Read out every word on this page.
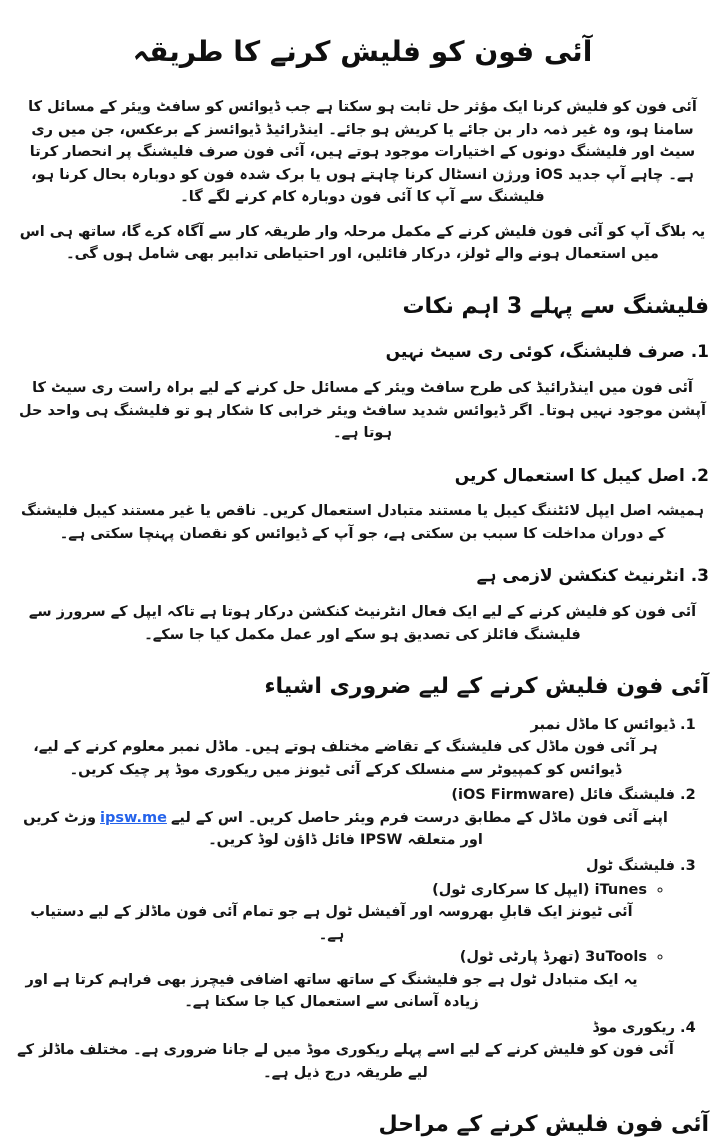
آئی فون کو فلیش کرنے کا طریقہ

آئی فون کو فلیش کرنا ایک مؤثر حل ثابت ہو سکتا ہے جب ڈیوائس کو سافٹ ویئر کے مسائل کا سامنا ہو، وہ غیر ذمہ دار بن جائے یا کریش ہو جائے۔ اینڈرائیڈ ڈیوائسز کے برعکس، جن میں ری سیٹ اور فلیشنگ دونوں کے اختیارات موجود ہوتے ہیں، آئی فون صرف فلیشنگ پر انحصار کرتا ہے۔ چاہے آپ جدید iOS ورژن انسٹال کرنا چاہتے ہوں یا برک شدہ فون کو دوبارہ بحال کرنا ہو، فلیشنگ سے آپ کا آئی فون دوبارہ کام کرنے لگے گا۔

یہ بلاگ آپ کو آئی فون فلیش کرنے کے مکمل مرحلہ وار طریقہ کار سے آگاہ کرے گا، ساتھ ہی اس میں استعمال ہونے والے ٹولز، درکار فائلیں، اور احتیاطی تدابیر بھی شامل ہوں گی۔

فلیشنگ سے پہلے 3 اہم نکات
1. صرف فلیشنگ، کوئی ری سیٹ نہیں

آئی فون میں اینڈرائیڈ کی طرح سافٹ ویئر کے مسائل حل کرنے کے لیے براہ راست ری سیٹ کا آپشن موجود نہیں ہوتا۔ اگر ڈیوائس شدید سافٹ ویئر خرابی کا شکار ہو تو فلیشنگ ہی واحد حل ہوتا ہے۔

2. اصل کیبل کا استعمال کریں

ہمیشہ اصل ایپل لائٹننگ کیبل یا مستند متبادل استعمال کریں۔ ناقص یا غیر مستند کیبل فلیشنگ کے دوران مداخلت کا سبب بن سکتی ہے، جو آپ کے ڈیوائس کو نقصان پہنچا سکتی ہے۔

3. انٹرنیٹ کنکشن لازمی ہے

آئی فون کو فلیش کرنے کے لیے ایک فعال انٹرنیٹ کنکشن درکار ہوتا ہے تاکہ ایپل کے سرورز سے فلیشنگ فائلز کی تصدیق ہو سکے اور عمل مکمل کیا جا سکے۔

آئی فون فلیش کرنے کے لیے ضروری اشیاء
1. ڈیوائس کا ماڈل نمبر
ہر آئی فون ماڈل کی فلیشنگ کے تقاضے مختلف ہوتے ہیں۔ ماڈل نمبر معلوم کرنے کے لیے، ڈیوائس کو کمپیوٹر سے منسلک کرکے آئی ٹیونز میں ریکوری موڈ پر چیک کریں۔
2. فلیشنگ فائل (iOS Firmware)
اپنے آئی فون ماڈل کے مطابق درست فرم ویئر حاصل کریں۔ اس کے لیےipsw.meوزٹ کریں اور متعلقہ IPSW فائل ڈاؤن لوڈ کریں۔
3. فلیشنگ ٹول
◦ iTunes (ایپل کا سرکاری ٹول)
آئی ٹیونز ایک قابلِ بھروسہ اور آفیشل ٹول ہے جو تمام آئی فون ماڈلز کے لیے دستیاب ہے۔
◦ 3uTools (تھرڈ پارٹی ٹول)
یہ ایک متبادل ٹول ہے جو فلیشنگ کے ساتھ ساتھ اضافی فیچرز بھی فراہم کرتا ہے اور زیادہ آسانی سے استعمال کیا جا سکتا ہے۔
4. ریکوری موڈ
آئی فون کو فلیش کرنے کے لیے اسے پہلے ریکوری موڈ میں لے جانا ضروری ہے۔ مختلف ماڈلز کے لیے طریقہ درج ذیل ہے۔
آئی فون فلیش کرنے کے مراحل
